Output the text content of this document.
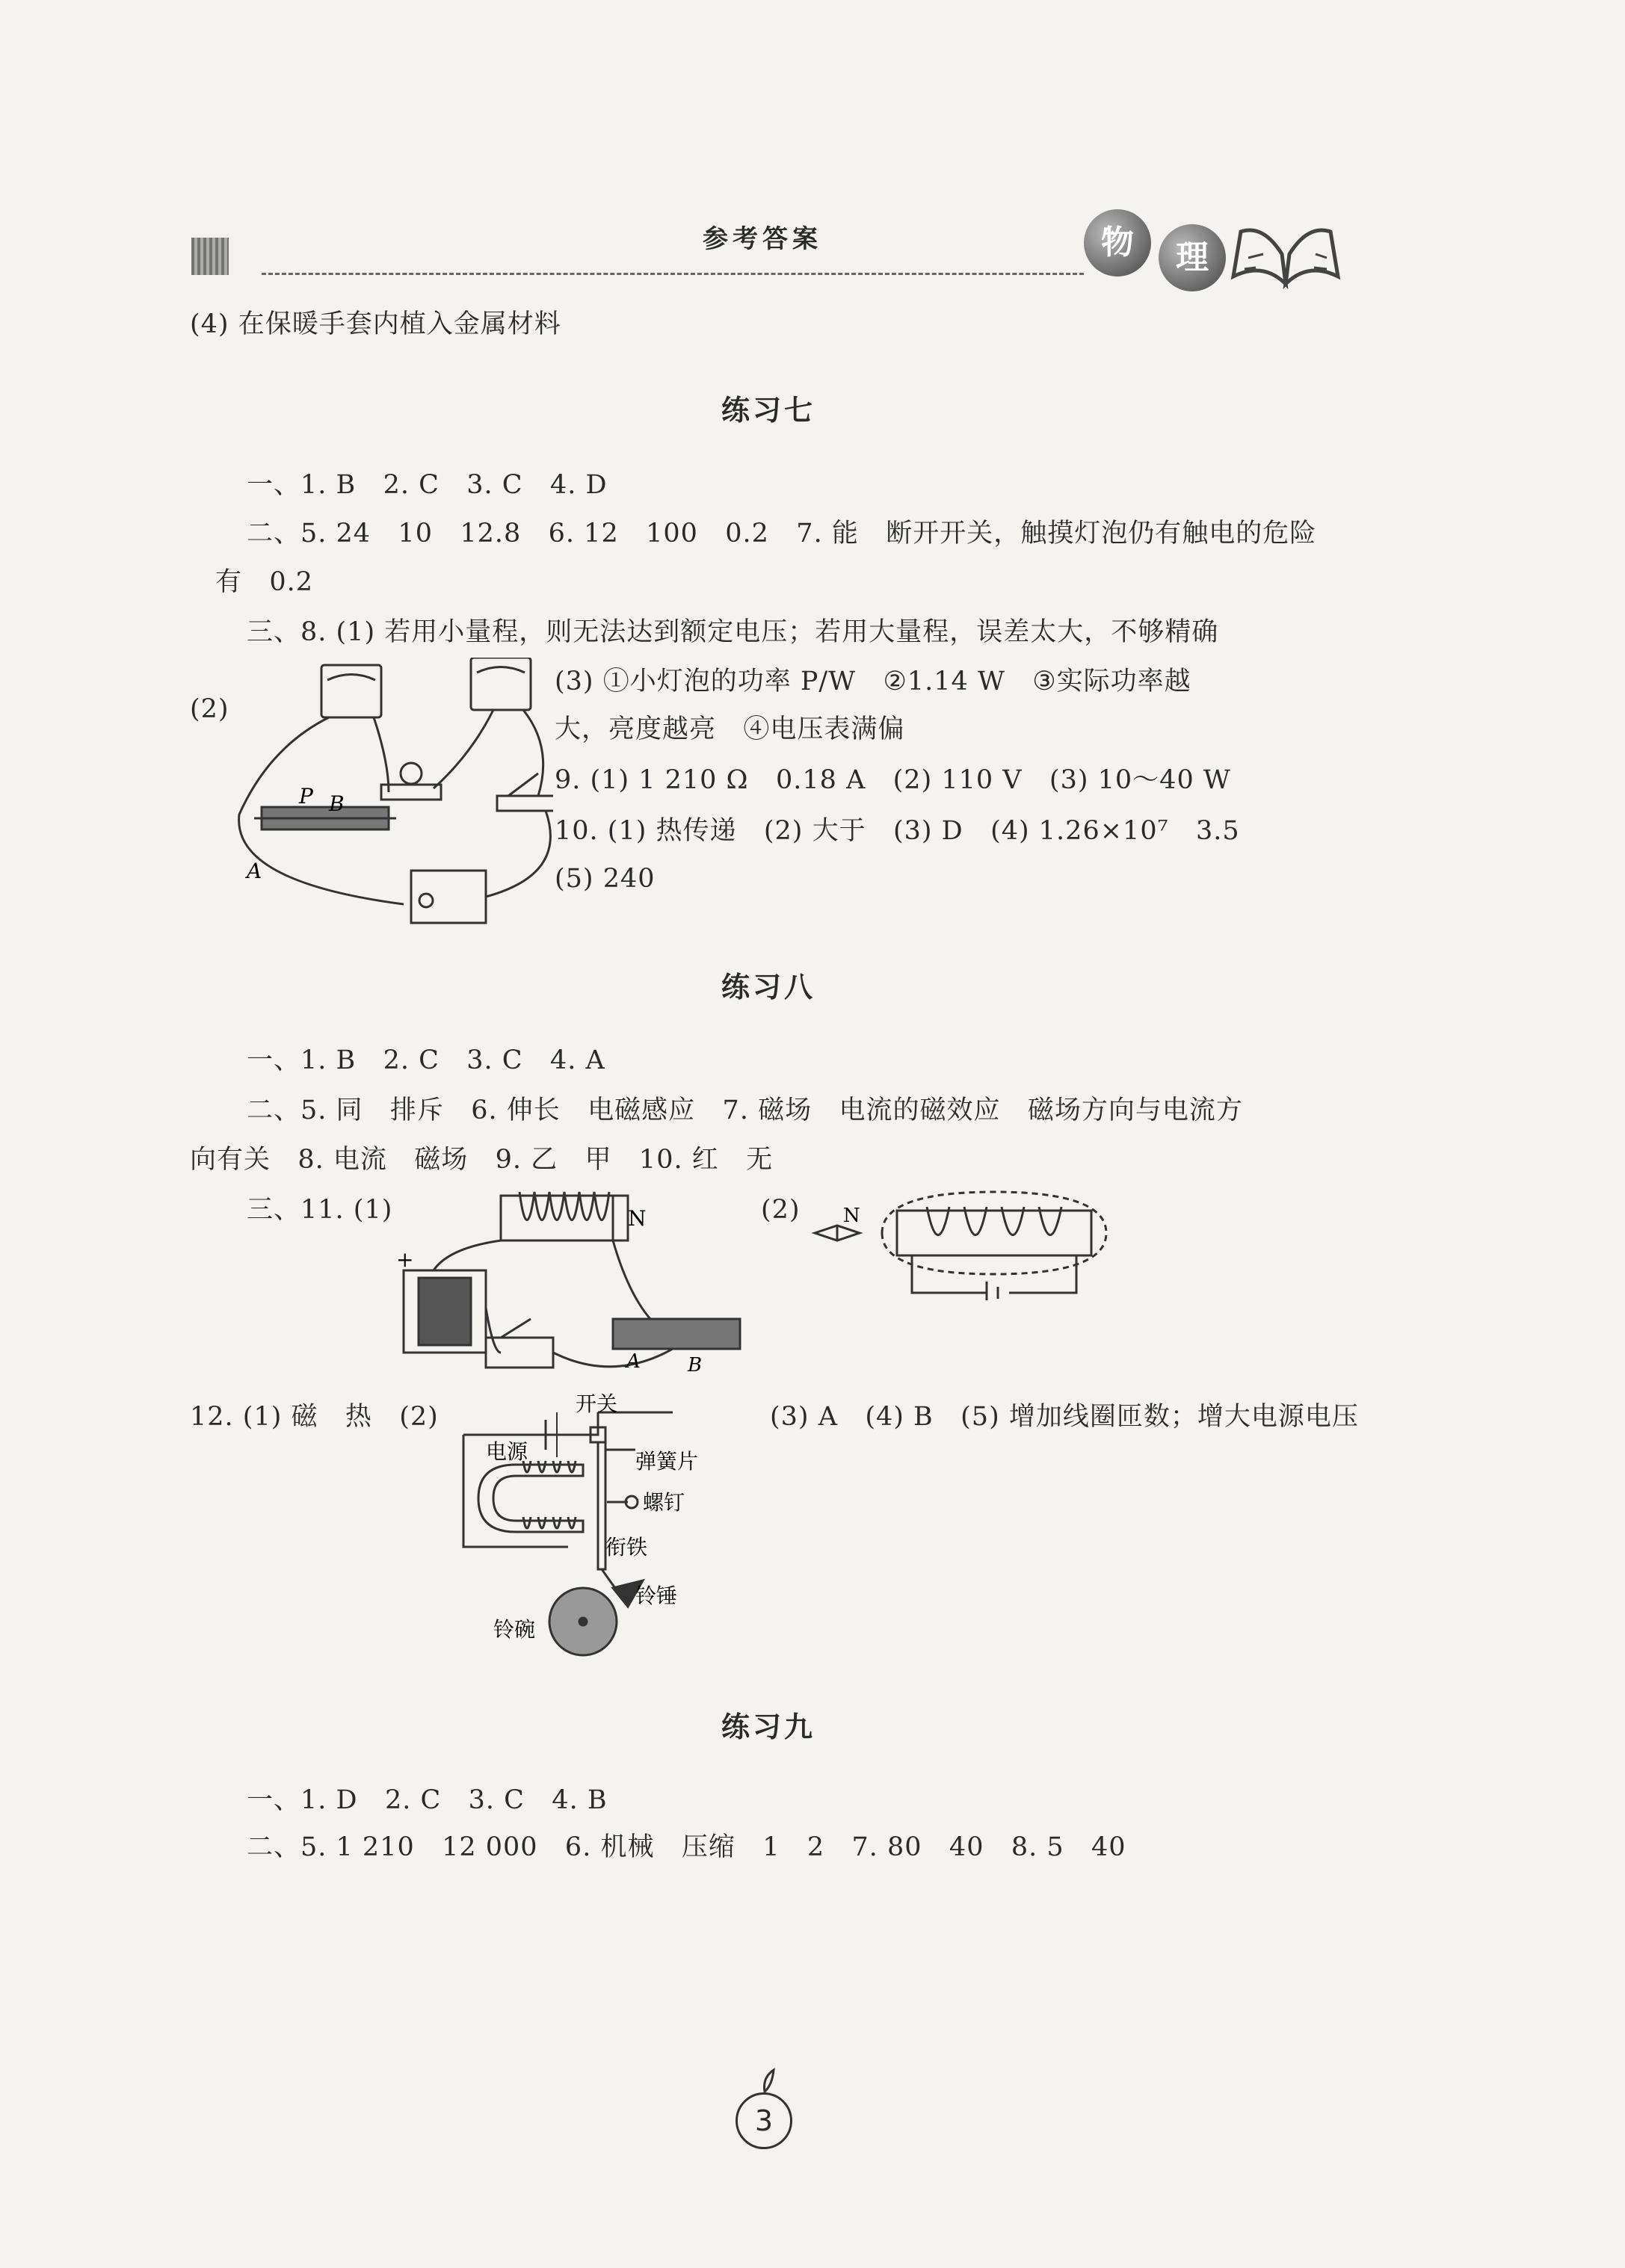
参考答案	物	理
(4) 在保暖手套内植入金属材料
练习七
一、1. B   2. C   3. C   4. D
二、5. 24   10   12.8   6. 12   100   0.2   7. 能   断开开关，触摸灯泡仍有触电的危险
有   0.2
三、8. (1) 若用小量程，则无法达到额定电压；若用大量程，误差太大，不够精确
(3) ①小灯泡的功率 P/W   ②1.14 W   ③实际功率越
大，亮度越亮   ④电压表满偏
(2)
9. (1) 1 210 Ω   0.18 A   (2) 110 V   (3) 10～40 W
10. (1) 热传递   (2) 大于   (3) D   (4) 1.26×10⁷   3.5
(5) 240
P B
A
练习八
一、1. B   2. C   3. C   4. A
二、5. 同   排斥   6. 伸长   电磁感应   7. 磁场   电流的磁效应   磁场方向与电流方
向有关   8. 电流   磁场   9. 乙   甲   10. 红   无
三、11. (1)	(2)
N
+
A B
N
12. (1) 磁   热   (2)	(3) A   (4) B   (5) 增加线圈匝数；增大电源电压
开关
电源	弹簧片
螺钉
衔铁
铃锤
铃碗
练习九
一、1. D   2. C   3. C   4. B
二、5. 1 210   12 000   6. 机械   压缩   1   2   7. 80   40   8. 5   40
3
